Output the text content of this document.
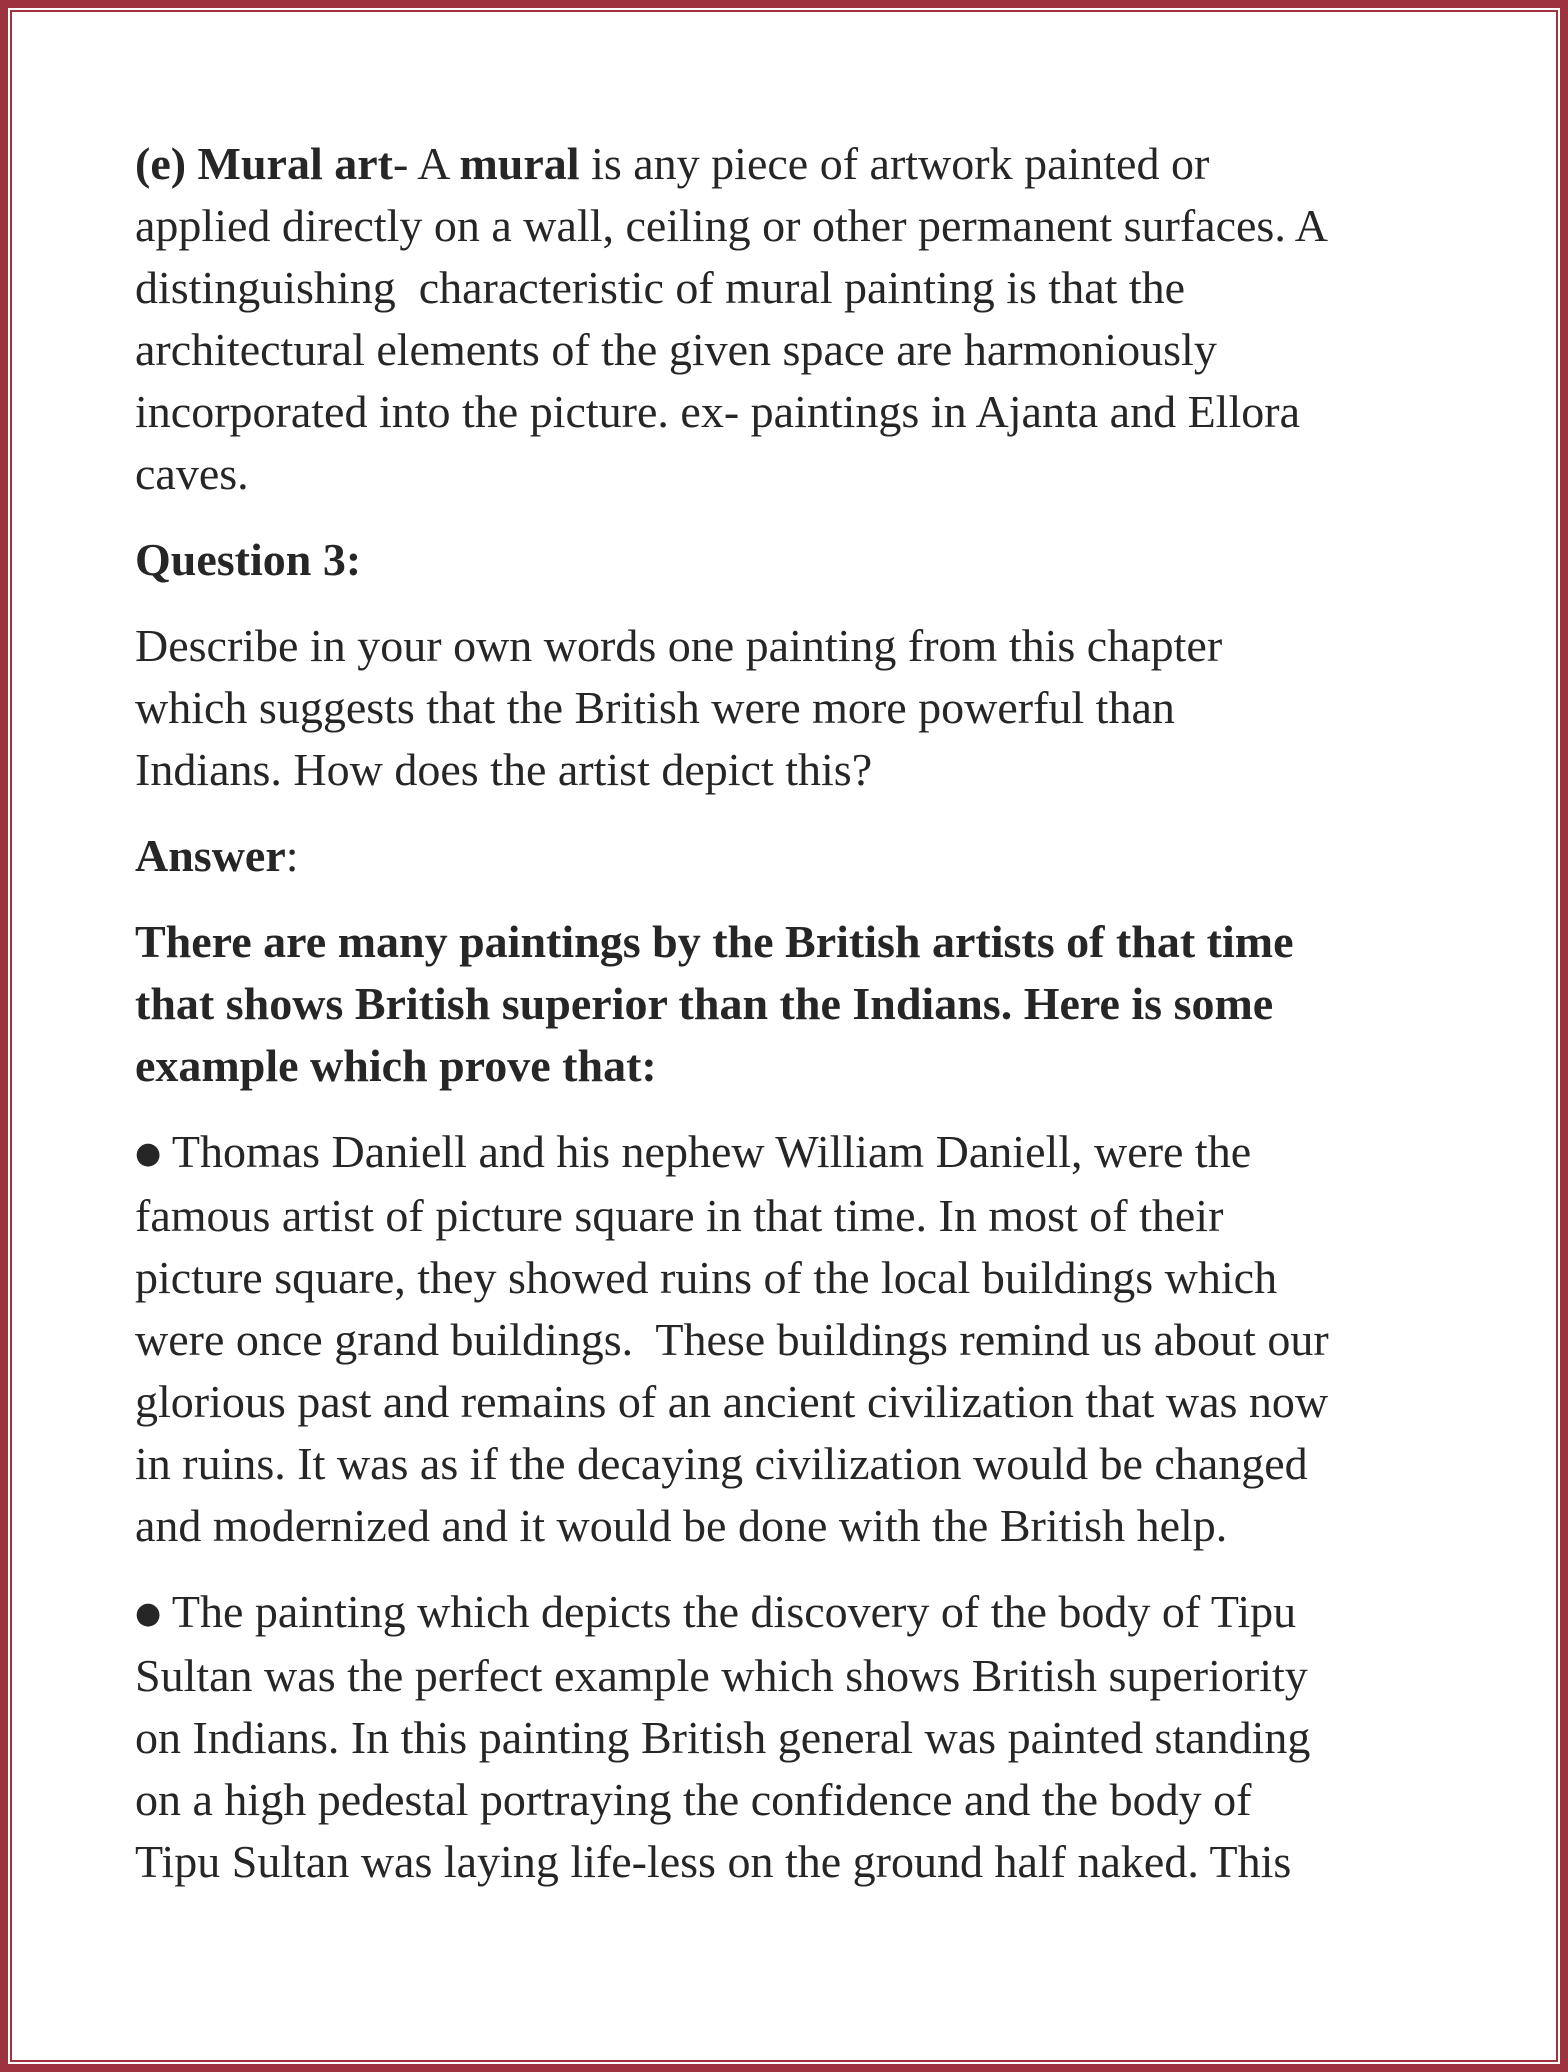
(e) Mural art- A mural is any piece of artwork painted or
applied directly on a wall, ceiling or other permanent surfaces. A
distinguishing  characteristic of mural painting is that the
architectural elements of the given space are harmoniously
incorporated into the picture. ex- paintings in Ajanta and Ellora
caves.

Question 3:

Describe in your own words one painting from this chapter
which suggests that the British were more powerful than
Indians. How does the artist depict this?

Answer:

There are many paintings by the British artists of that time
that shows British superior than the Indians. Here is some
example which prove that:

● Thomas Daniell and his nephew William Daniell, were the
famous artist of picture square in that time. In most of their
picture square, they showed ruins of the local buildings which
were once grand buildings.  These buildings remind us about our
glorious past and remains of an ancient civilization that was now
in ruins. It was as if the decaying civilization would be changed
and modernized and it would be done with the British help.

● The painting which depicts the discovery of the body of Tipu
Sultan was the perfect example which shows British superiority
on Indians. In this painting British general was painted standing
on a high pedestal portraying the confidence and the body of
Tipu Sultan was laying life-less on the ground half naked. This
